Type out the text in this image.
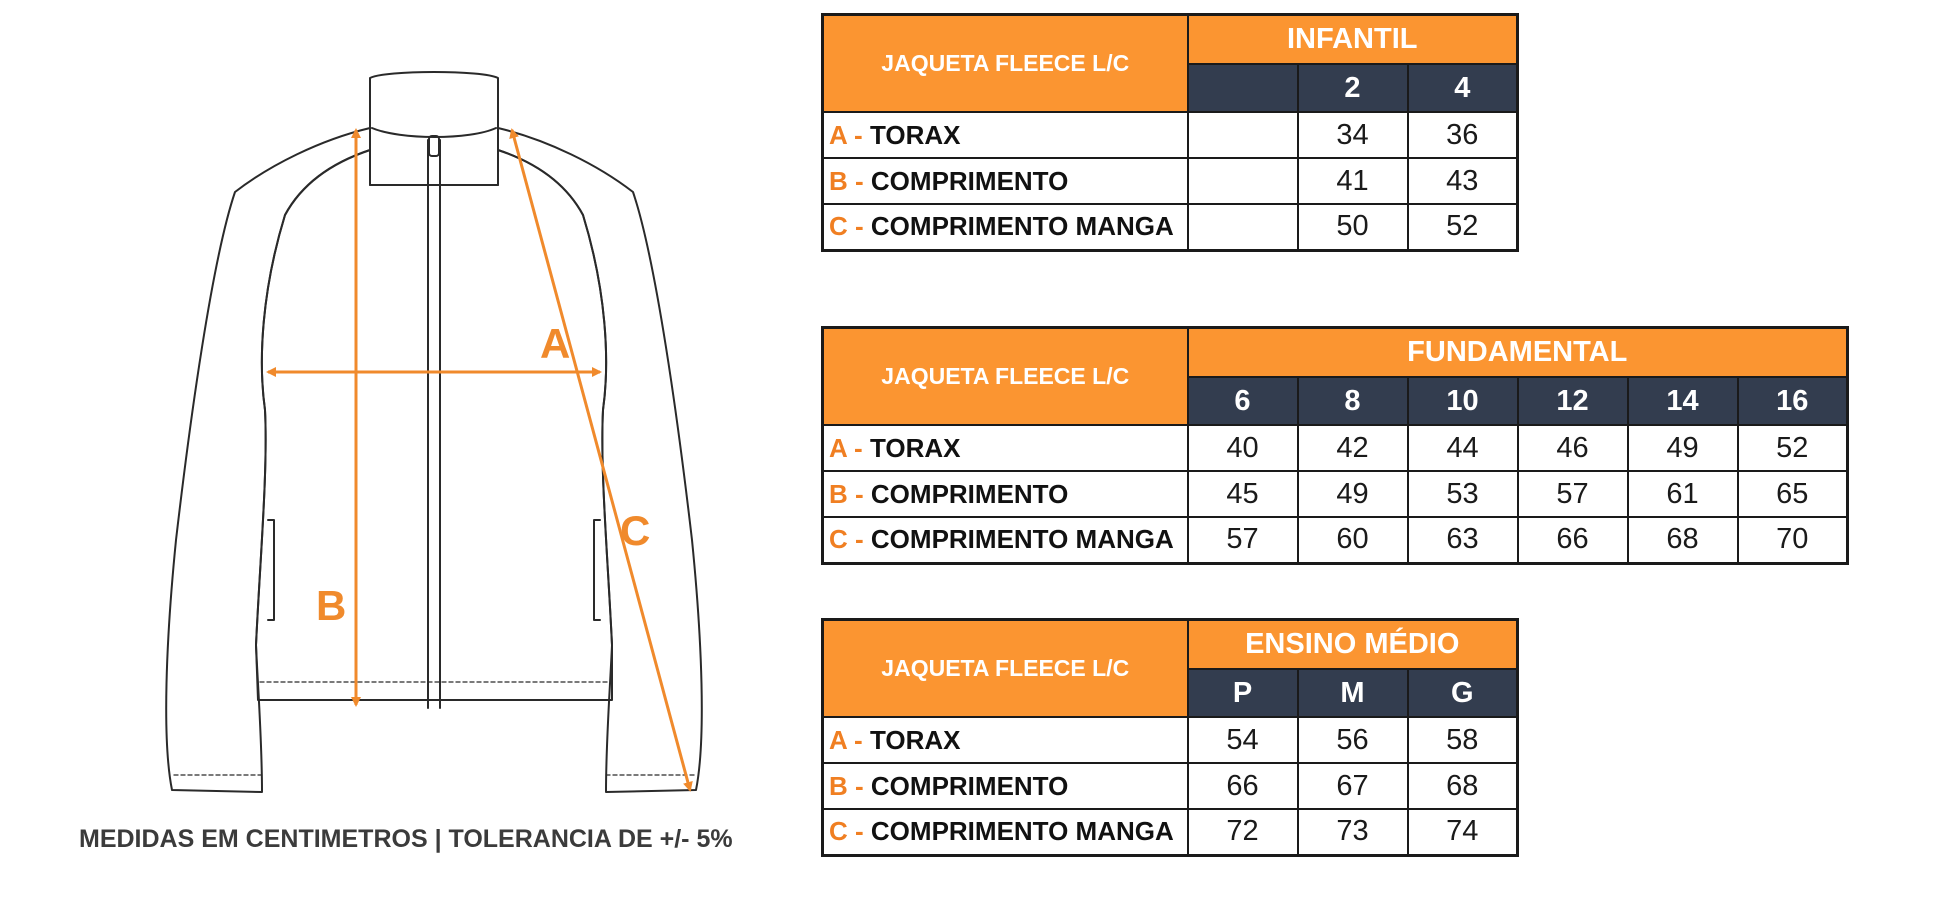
A
B
C
MEDIDAS EM CENTIMETROS | TOLERANCIA DE +/- 5%
JAQUETA FLEECE L/C	INFANTIL		
		2	4
A - TORAX		34	36
B - COMPRIMENTO		41	43
C - COMPRIMENTO MANGA		50	52
JAQUETA FLEECE L/C	FUNDAMENTAL					
	6	8	10	12	14	16
A - TORAX	40	42	44	46	49	52
B - COMPRIMENTO	45	49	53	57	61	65
C - COMPRIMENTO MANGA	57	60	63	66	68	70
JAQUETA FLEECE L/C	ENSINO MÉDIO		
	P	M	G
A - TORAX	54	56	58
B - COMPRIMENTO	66	67	68
C - COMPRIMENTO MANGA	72	73	74
